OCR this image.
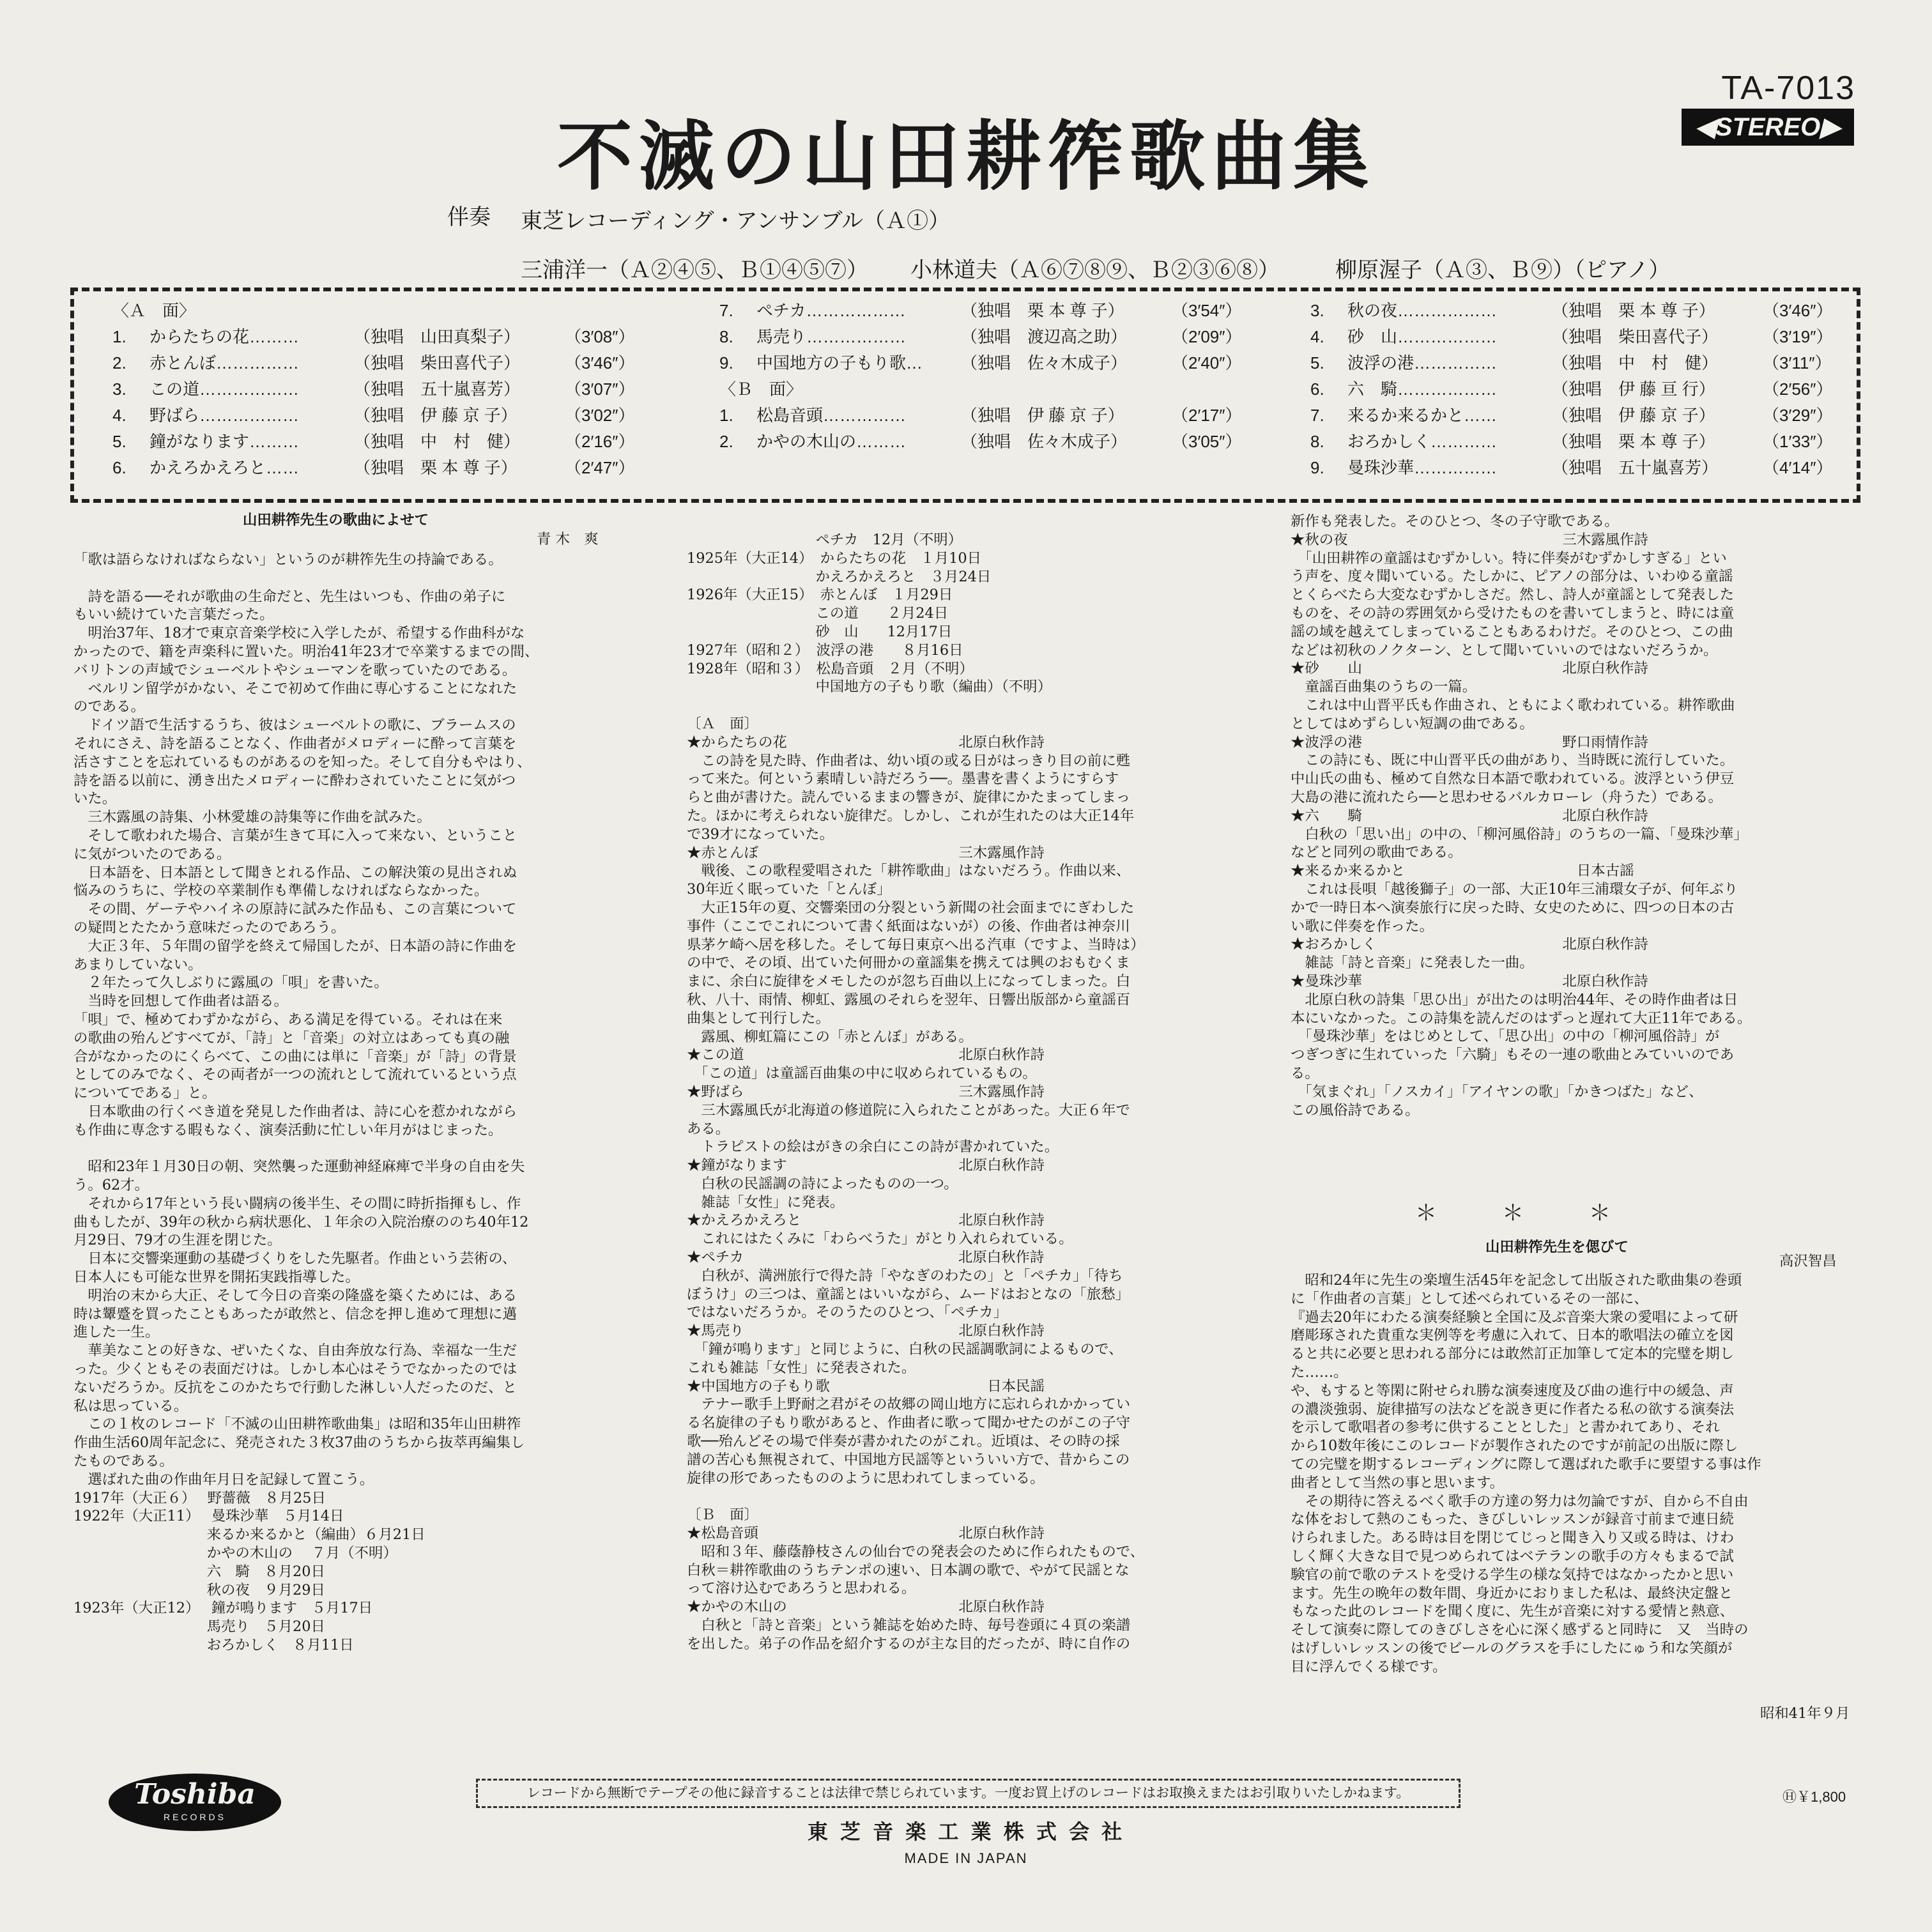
不滅の山田耕筰歌曲集
TA-7013
◀STEREO▶
伴奏 東芝レコーディング・アンサンブル（Ａ①）
三浦洋一（Ａ②④⑤、Ｂ①④⑤⑦） 小林道夫（Ａ⑥⑦⑧⑨、Ｂ②③⑥⑧）	柳原渥子（Ａ③、Ｂ⑨）（ピアノ）
〈Ａ　面〉
1.	からたちの花………	（独唱　山田真梨子）	（3′08″）
2.	赤とんぼ……………	（独唱　柴田喜代子）	（3′46″）
3.	この道………………	（独唱　五十嵐喜芳）	（3′07″）
4.	野ばら………………	（独唱　伊 藤 京 子）	（3′02″）
5.	鐘がなります………	（独唱　中　村　健）	（2′16″）
6.	かえろかえろと……	（独唱　栗 本 尊 子）	（2′47″）
7.	ペチカ………………	（独唱　栗 本 尊 子）	（3′54″）
8.	馬売り………………	（独唱　渡辺高之助）	（2′09″）
9.	中国地方の子もり歌…	（独唱　佐々木成子）	（2′40″）
〈Ｂ　面〉
1.	松島音頭……………	（独唱　伊 藤 京 子）	（2′17″）
2.	かやの木山の………	（独唱　佐々木成子）	（3′05″）
3.	秋の夜………………	（独唱　栗 本 尊 子）	（3′46″）
4.	砂　山………………	（独唱　柴田喜代子）	（3′19″）
5.	波浮の港……………	（独唱　中　村　健）	（3′11″）
6.	六　騎………………	（独唱　伊 藤 亘 行）	（2′56″）
7.	来るか来るかと……	（独唱　伊 藤 京 子）	（3′29″）
8.	おろかしく…………	（独唱　栗 本 尊 子）	（1′33″）
9.	曼珠沙華……………	（独唱　五十嵐喜芳）	（4′14″）
山田耕筰先生の歌曲によせて
青 木　爽

「歌は語らなければならない」というのが耕筰先生の持論である。

　詩を語る──それが歌曲の生命だと、先生はいつも、作曲の弟子に

もいい続けていた言葉だった。

　明治37年、18才で東京音楽学校に入学したが、希望する作曲科がな

かったので、籍を声楽科に置いた。明治41年23才で卒業するまでの間、

バリトンの声域でシューベルトやシューマンを歌っていたのである。

　ベルリン留学がかない、そこで初めて作曲に専心することになれた

のである。

　ドイツ語で生活するうち、彼はシューベルトの歌に、ブラームスの

それにさえ、詩を語ることなく、作曲者がメロディーに酔って言葉を

活さすことを忘れているものがあるのを知った。そして自分もやはり、

詩を語る以前に、湧き出たメロディーに酔わされていたことに気がつ

いた。

　三木露風の詩集、小林愛雄の詩集等に作曲を試みた。

　そして歌われた場合、言葉が生きて耳に入って来ない、ということ

に気がついたのである。

　日本語を、日本語として聞きとれる作品、この解決策の見出されぬ

悩みのうちに、学校の卒業制作も準備しなければならなかった。

　その間、ゲーテやハイネの原詩に試みた作品も、この言葉について

の疑問とたたかう意味だったのであろう。

　大正３年、５年間の留学を終えて帰国したが、日本語の詩に作曲を

あまりしていない。

　２年たって久しぶりに露風の「唄」を書いた。

　当時を回想して作曲者は語る。

「唄」で、極めてわずかながら、ある満足を得ている。それは在来

の歌曲の殆んどすべてが、「詩」と「音楽」の対立はあっても真の融

合がなかったのにくらべて、この曲には単に「音楽」が「詩」の背景

としてのみでなく、その両者が一つの流れとして流れているという点

についてである」と。

　日本歌曲の行くべき道を発見した作曲者は、詩に心を惹かれながら

も作曲に専念する暇もなく、演奏活動に忙しい年月がはじまった。

　昭和23年１月30日の朝、突然襲った運動神経麻痺で半身の自由を失

う。62才。

　それから17年という長い闘病の後半生、その間に時折指揮もし、作

曲もしたが、39年の秋から病状悪化、１年余の入院治療ののち40年12

月29日、79才の生涯を閉じた。

　日本に交響楽運動の基礎づくりをした先駆者。作曲という芸術の、

日本人にも可能な世界を開拓実践指導した。

　明治の末から大正、そして今日の音楽の隆盛を築くためには、ある

時は顰蹙を買ったこともあったが敢然と、信念を押し進めて理想に邁

進した一生。

　華美なことの好きな、ぜいたくな、自由奔放な行為、幸福な一生だ

った。少くともその表面だけは。しかし本心はそうでなかったのでは

ないだろうか。反抗をこのかたちで行動した淋しい人だったのだ、と

私は思っている。

　この１枚のレコード「不滅の山田耕筰歌曲集」は昭和35年山田耕筰

作曲生活60周年記念に、発売された３枚37曲のうちから抜萃再編集し

たものである。

　選ばれた曲の作曲年月日を記録して置こう。

1917年（大正６）　 野薔薇　８月25日

1922年（大正11）　 曼珠沙華　５月14日

　　　　　　　　　 来るか来るかと（編曲）６月21日

　　　　　　　　　 かやの木山の　 ７月（不明）

　　　　　　　　　 六　騎　８月20日

　　　　　　　　　 秋の夜　９月29日

1923年（大正12）　 鐘が鳴ります　５月17日

　　　　　　　　　 馬売り　５月20日

　　　　　　　　　 おろかしく　８月11日

　　　　　　　　　ペチカ　12月（不明）

1925年（大正14）　からたちの花　１月10日

　　　　　　　　　かえろかえろと　３月24日

1926年（大正15）　赤とんぼ　１月29日

　　　　　　　　　この道　　２月24日

　　　　　　　　　砂　山　　12月17日

1927年（昭和２）　波浮の港　　８月16日

1928年（昭和３）　松島音頭　２月（不明）

　　　　　　　　　中国地方の子もり歌（編曲）（不明）

〔Ａ　面〕

★からたちの花　　　　　　　　　　　　北原白秋作詩

　この詩を見た時、作曲者は、幼い頃の或る日がはっきり目の前に甦

って来た。何という素晴しい詩だろう──。墨書を書くようにすらす

らと曲が書けた。読んでいるままの響きが、旋律にかたまってしまっ

た。ほかに考えられない旋律だ。しかし、これが生れたのは大正14年

で39才になっていた。

★赤とんぼ　　　　　　　　　　　　　　三木露風作詩

　戦後、この歌程愛唱された「耕筰歌曲」はないだろう。作曲以来、

30年近く眠っていた「とんぼ」

　大正15年の夏、交響楽団の分裂という新聞の社会面までにぎわした

事件（ここでこれについて書く紙面はないが）の後、作曲者は神奈川

県茅ケ崎へ居を移した。そして毎日東京へ出る汽車（ですよ、当時は）

の中で、その頃、出ていた何冊かの童謡集を携えては興のおもむくま

まに、余白に旋律をメモしたのが忽ち百曲以上になってしまった。白

秋、八十、雨情、柳虹、露風のそれらを翌年、日響出版部から童謡百

曲集として刊行した。

　露風、柳虹篇にこの「赤とんぼ」がある。

★この道　　　　　　　　　　　　　　　北原白秋作詩

　「この道」は童謡百曲集の中に収められているもの。

★野ばら　　　　　　　　　　　　　　　三木露風作詩

　三木露風氏が北海道の修道院に入られたことがあった。大正６年で

ある。

　トラピストの絵はがきの余白にこの詩が書かれていた。

★鐘がなります　　　　　　　　　　　　北原白秋作詩

　白秋の民謡調の詩によったものの一つ。

　雑誌「女性」に発表。

★かえろかえろと　　　　　　　　　　　北原白秋作詩

　これにはたくみに「わらべうた」がとり入れられている。

★ペチカ　　　　　　　　　　　　　　　北原白秋作詩

　白秋が、満洲旅行で得た詩「やなぎのわたの」と「ペチカ」「待ち

ぼうけ」の三つは、童謡とはいいながら、ムードはおとなの「旅愁」

ではないだろうか。そのうたのひとつ、「ペチカ」

★馬売り　　　　　　　　　　　　　　　北原白秋作詩

　「鐘が鳴ります」と同じように、白秋の民謡調歌詞によるもので、

これも雑誌「女性」に発表された。

★中国地方の子もり歌　　　　　　　　　　　日本民謡

　テナー歌手上野耐之君がその故郷の岡山地方に忘れられかかってい

る名旋律の子もり歌があると、作曲者に歌って聞かせたのがこの子守

歌──殆んどその場で伴奏が書かれたのがこれ。近頃は、その時の採

譜の苦心も無視されて、中国地方民謡等といういい方で、昔からこの

旋律の形であったもののように思われてしまっている。

〔Ｂ　面〕

★松島音頭　　　　　　　　　　　　　　北原白秋作詩

　昭和３年、藤蔭静枝さんの仙台での発表会のために作られたもので、

白秋＝耕筰歌曲のうちテンポの速い、日本調の歌で、やがて民謡とな

って溶け込むであろうと思われる。

★かやの木山の　　　　　　　　　　　　北原白秋作詩

　白秋と「詩と音楽」という雑誌を始めた時、毎号巻頭に４頁の楽譜

を出した。弟子の作品を紹介するのが主な目的だったが、時に自作の

新作も発表した。そのひとつ、冬の子守歌である。

★秋の夜　　　　　　　　　　　　　　　三木露風作詩

　「山田耕筰の童謡はむずかしい。特に伴奏がむずかしすぎる」とい

う声を、度々聞いている。たしかに、ピアノの部分は、いわゆる童謡

とくらべたら大変なむずかしさだ。然し、詩人が童謡として発表した

ものを、その詩の雰囲気から受けたものを書いてしまうと、時には童

謡の域を越えてしまっていることもあるわけだ。そのひとつ、この曲

などは初秋のノクターン、として聞いていいのではないだろうか。

★砂　　山　　　　　　　　　　　　　　北原白秋作詩

　童謡百曲集のうちの一篇。

　これは中山晋平氏も作曲され、ともによく歌われている。耕筰歌曲

としてはめずらしい短調の曲である。

★波浮の港　　　　　　　　　　　　　　野口雨情作詩

　この詩にも、既に中山晋平氏の曲があり、当時既に流行していた。

中山氏の曲も、極めて自然な日本語で歌われている。波浮という伊豆

大島の港に流れたら──と思わせるバルカローレ（舟うた）である。

★六　　騎　　　　　　　　　　　　　　北原白秋作詩

　白秋の「思い出」の中の、「柳河風俗詩」のうちの一篇、「曼珠沙華」

などと同列の歌曲である。

★来るか来るかと　　　　　　　　　　　　日本古謡

　これは長唄「越後獅子」の一部、大正10年三浦環女子が、何年ぶり

かで一時日本へ演奏旅行に戻った時、女史のために、四つの日本の古

い歌に伴奏を作った。

★おろかしく　　　　　　　　　　　　　北原白秋作詩

　雑誌「詩と音楽」に発表した一曲。

★曼珠沙華　　　　　　　　　　　　　　北原白秋作詩

　北原白秋の詩集「思ひ出」が出たのは明治44年、その時作曲者は日

本にいなかった。この詩集を読んだのはずっと遅れて大正11年である。

　「曼珠沙華」をはじめとして、「思ひ出」の中の「柳河風俗詩」が

つぎつぎに生れていった「六騎」もその一連の歌曲とみていいのであ

る。

　「気まぐれ」「ノスカイ」「アイヤンの歌」「かきつばた」など、

この風俗詩である。

＊　　　＊　　　＊
山田耕筰先生を偲びて
高沢智昌

　昭和24年に先生の楽壇生活45年を記念して出版された歌曲集の巻頭

に「作曲者の言葉」として述べられているその一部に、

『過去20年にわたる演奏経験と全国に及ぶ音楽大衆の愛唱によって研

磨彫琢された貴重な実例等を考慮に入れて、日本的歌唱法の確立を図

ると共に必要と思われる部分には敢然訂正加筆して定本的完璧を期し

た……。

や、もすると等閑に附せられ勝な演奏速度及び曲の進行中の緩急、声

の濃淡強弱、旋律描写の法などを説き更に作者たる私の欲する演奏法

を示して歌唱者の参考に供することとした」と書かれてあり、それ

から10数年後にこのレコードが製作されたのですが前記の出版に際し

ての完璧を期するレコーディングに際して選ばれた歌手に要望する事は作

曲者として当然の事と思います。

　その期待に答えるべく歌手の方達の努力は勿論ですが、自から不自由

な体をおして熱のこもった、きびしいレッスンが録音寸前まで連日続

けられました。ある時は目を閉じてじっと聞き入り又或る時は、けわ

しく輝く大きな目で見つめられてはベテランの歌手の方々もまるで試

験官の前で歌のテストを受ける学生の様な気持ではなかったかと思い

ます。先生の晩年の数年間、身近かにおりました私は、最終決定盤と

もなった此のレコードを聞く度に、先生が音楽に対する愛情と熱意、

そして演奏に際してのきびしさを心に深く感ずると同時に　又　当時の

はげしいレッスンの後でビールのグラスを手にしたにゅう和な笑顔が

目に浮んでくる様です。

昭和41年９月
Toshiba
RECORDS
レコードから無断でテープその他に録音することは法律で禁じられています。一度お買上げのレコードはお取換えまたはお引取りいたしかねます。	Ⓗ￥1,800
東 芝 音 楽 工 業 株 式 会 社
MADE IN JAPAN
